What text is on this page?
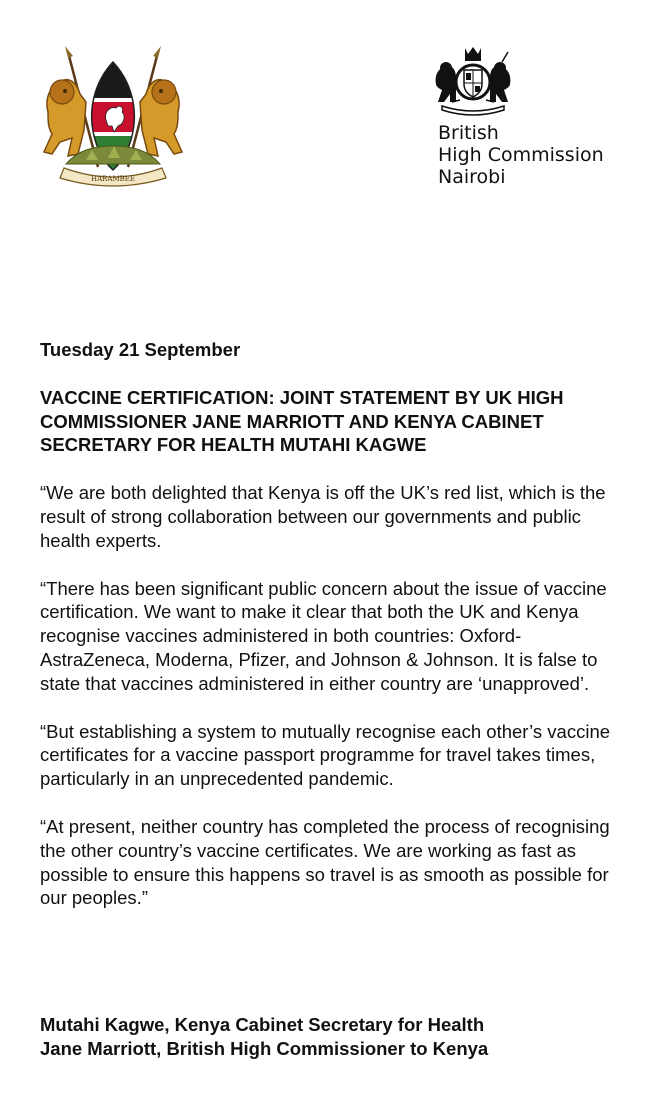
HARAMBEE
British
High Commission
Nairobi

Tuesday 21 September

VACCINE CERTIFICATION: JOINT STATEMENT BY UK HIGH COMMISSIONER JANE MARRIOTT AND KENYA CABINET SECRETARY FOR HEALTH MUTAHI KAGWE

“We are both delighted that Kenya is off the UK’s red list, which is the result of strong collaboration between our governments and public health experts.

“There has been significant public concern about the issue of vaccine certification. We want to make it clear that both the UK and Kenya recognise vaccines administered in both countries: Oxford-AstraZeneca, Moderna, Pfizer, and Johnson & Johnson. It is false to state that vaccines administered in either country are ‘unapproved’.

“But establishing a system to mutually recognise each other’s vaccine certificates for a vaccine passport programme for travel takes times, particularly in an unprecedented pandemic.

“At present, neither country has completed the process of recognising the other country’s vaccine certificates. We are working as fast as possible to ensure this happens so travel is as smooth as possible for our peoples.”

Mutahi Kagwe, Kenya Cabinet Secretary for Health
Jane Marriott, British High Commissioner to Kenya
